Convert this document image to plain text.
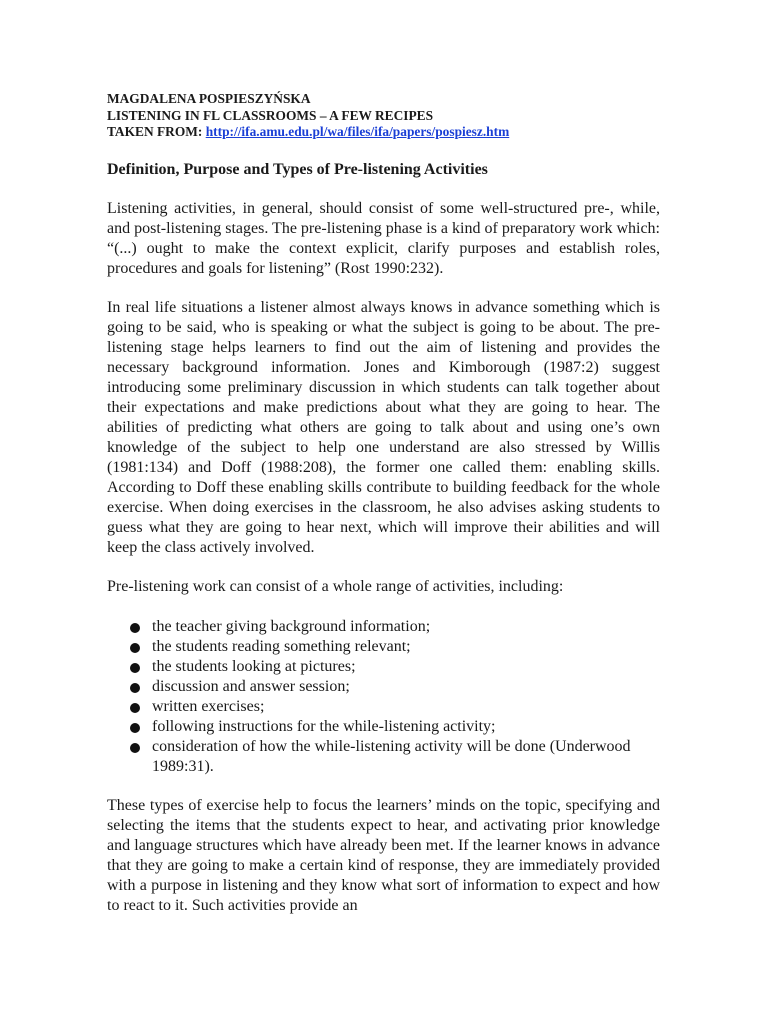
MAGDALENA POSPIESZYŃSKA

LISTENING IN FL CLASSROOMS – A FEW RECIPES

TAKEN FROM: http://ifa.amu.edu.pl/wa/files/ifa/papers/pospiesz.htm

Definition, Purpose and Types of Pre-listening Activities

Listening activities, in general, should consist of some well-structured pre-, while, and post-listening stages. The pre-listening phase is a kind of preparatory work which: “(...) ought to make the context explicit, clarify purposes and establish roles, procedures and goals for listening” (Rost 1990:232).

In real life situations a listener almost always knows in advance something which is going to be said, who is speaking or what the subject is going to be about. The pre-listening stage helps learners to find out the aim of listening and provides the necessary background information. Jones and Kimborough (1987:2) suggest introducing some preliminary discussion in which students can talk together about their expectations and make predictions about what they are going to hear. The abilities of predicting what others are going to talk about and using one’s own knowledge of the subject to help one understand are also stressed by Willis (1981:134) and Doff (1988:208), the former one called them: enabling skills. According to Doff these enabling skills contribute to building feedback for the whole exercise. When doing exercises in the classroom, he also advises asking students to guess what they are going to hear next, which will improve their abilities and will keep the class actively involved.

Pre-listening work can consist of a whole range of activities, including:

the teacher giving background information;
the students reading something relevant;
the students looking at pictures;
discussion and answer session;
written exercises;
following instructions for the while-listening activity;
consideration of how the while-listening activity will be done (Underwood 1989:31).

These types of exercise help to focus the learners’ minds on the topic, specifying and selecting the items that the students expect to hear, and activating prior knowledge and language structures which have already been met. If the learner knows in advance that they are going to make a certain kind of response, they are immediately provided with a purpose in listening and they know what sort of information to expect and how to react to it. Such activities provide an
